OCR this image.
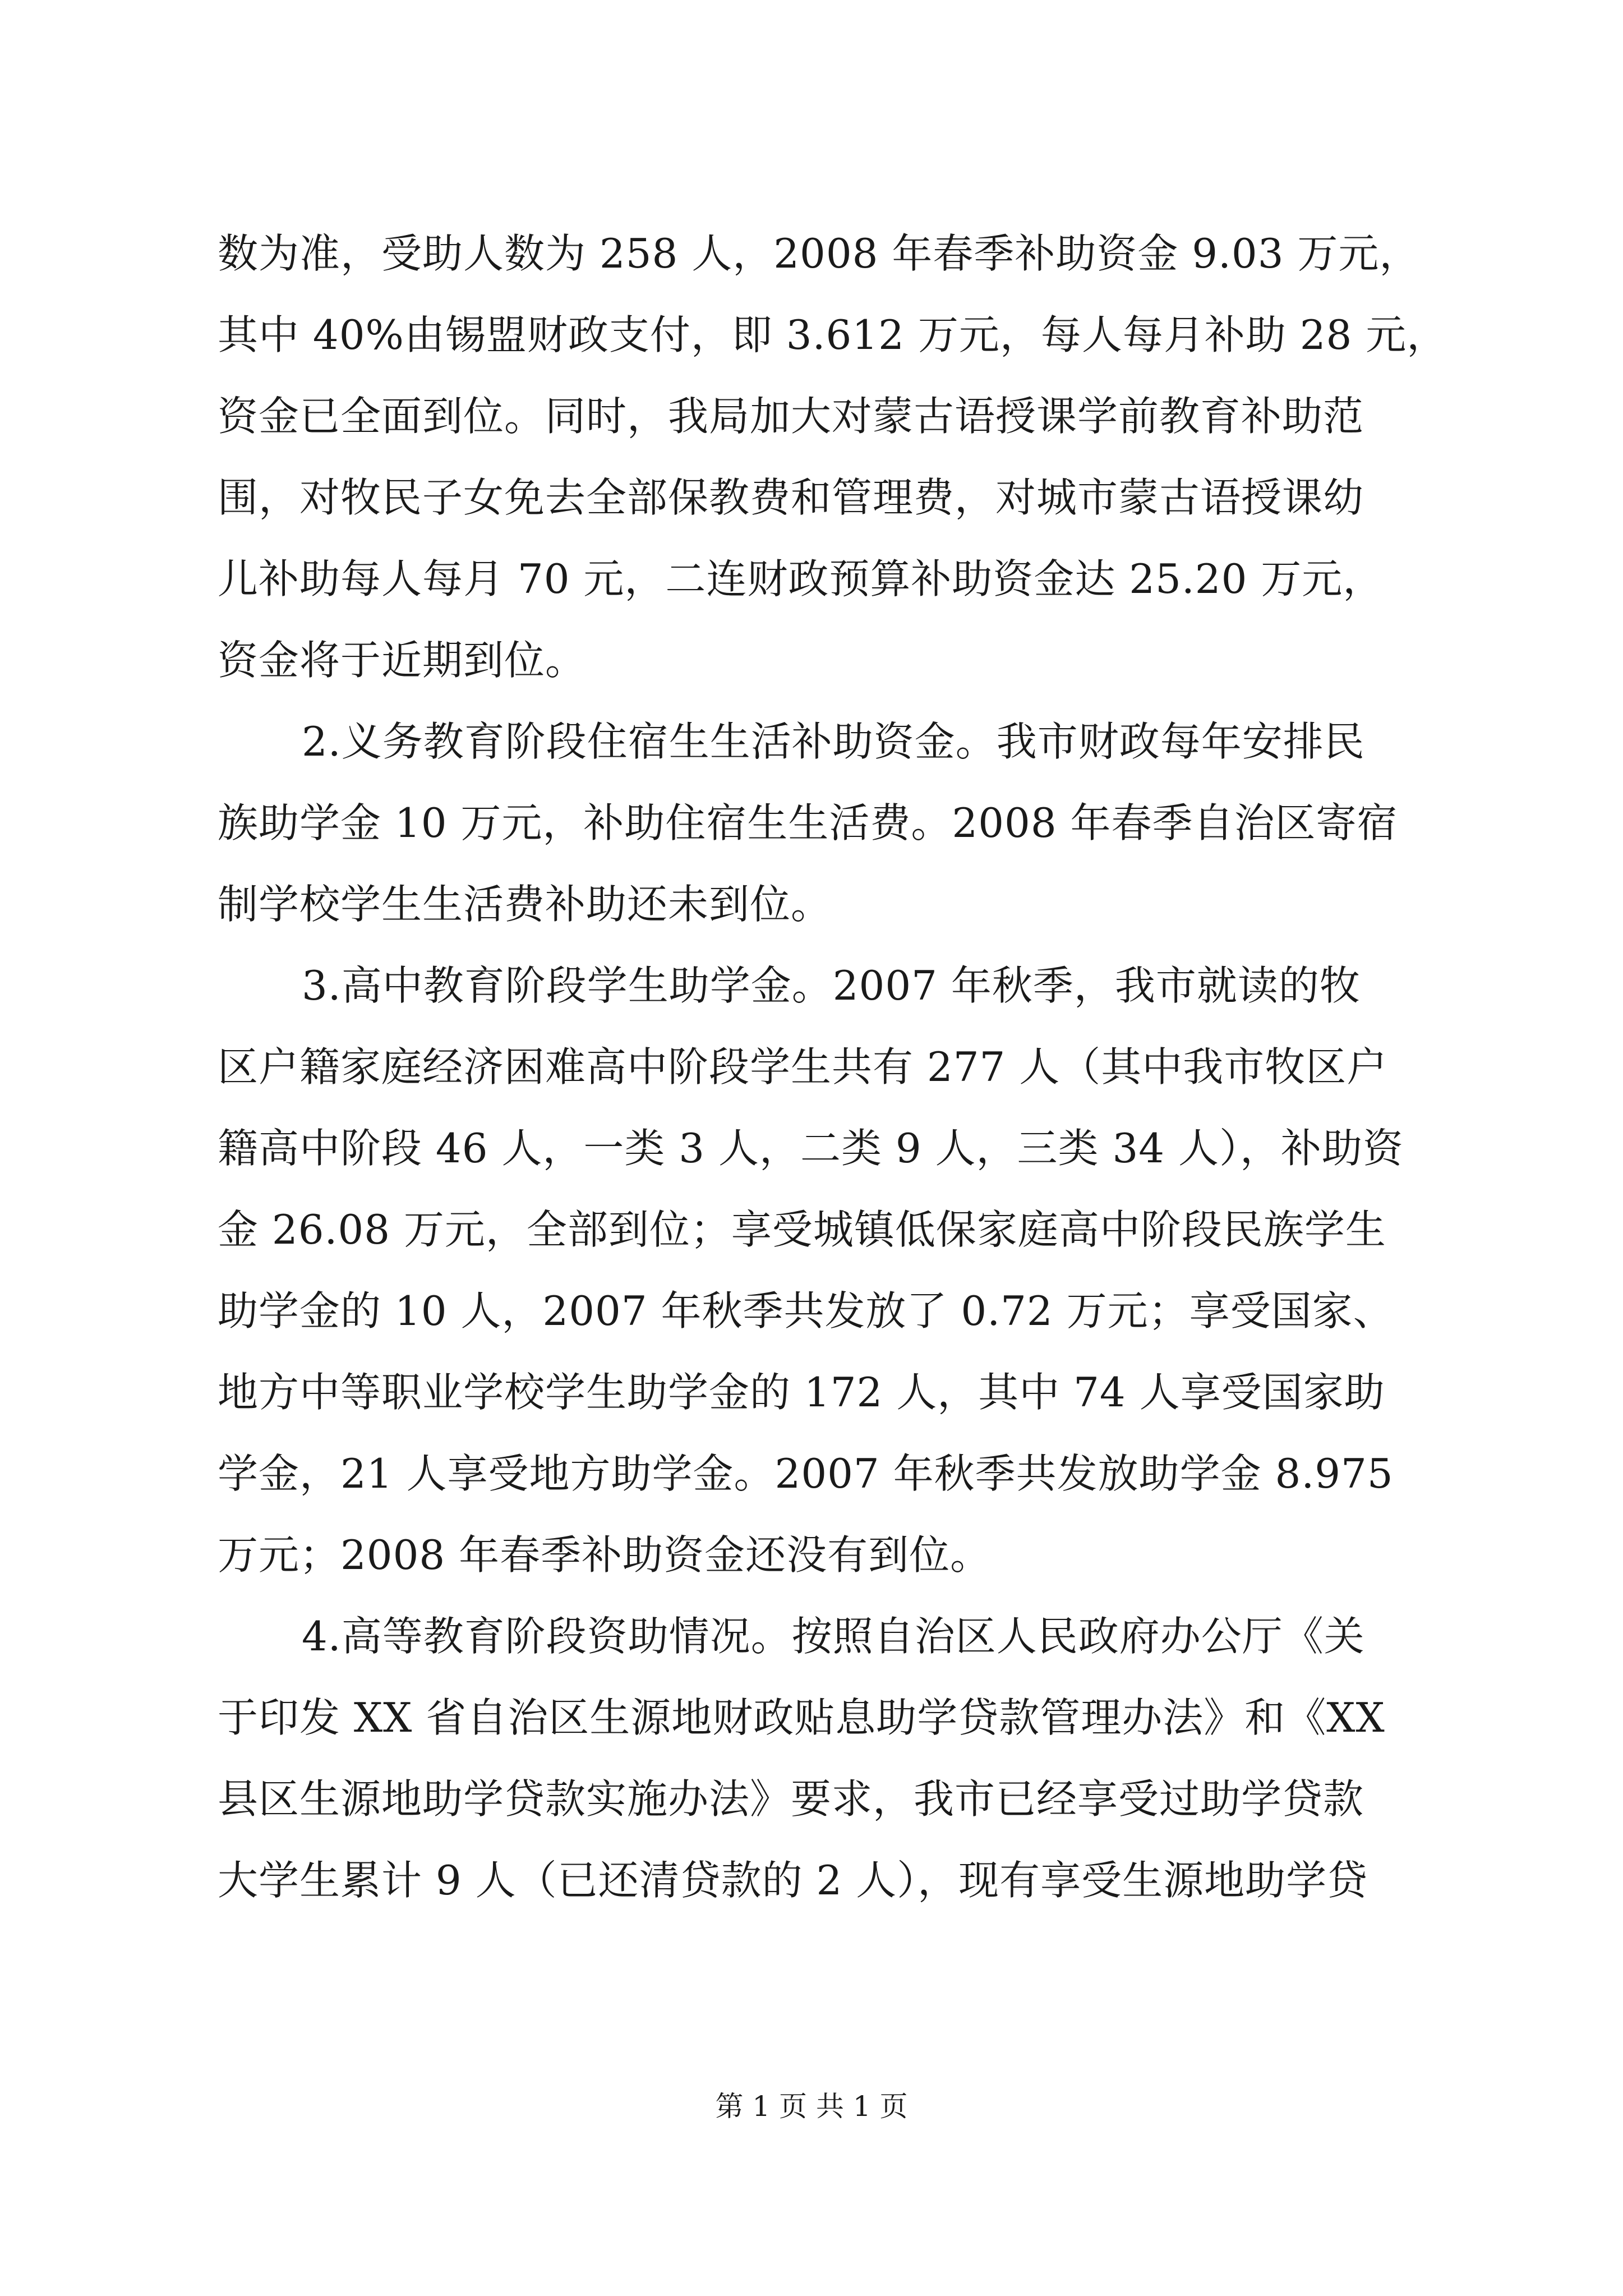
数为准，受助人数为 258 人，2008 年春季补助资金 9.03 万元，
其中 40%由锡盟财政支付，即 3.612 万元，每人每月补助 28 元，
资金已全面到位。同时，我局加大对蒙古语授课学前教育补助范
围，对牧民子女免去全部保教费和管理费，对城市蒙古语授课幼
儿补助每人每月 70 元，二连财政预算补助资金达 25.20 万元，
资金将于近期到位。
2.义务教育阶段住宿生生活补助资金。我市财政每年安排民
族助学金 10 万元，补助住宿生生活费。2008 年春季自治区寄宿
制学校学生生活费补助还未到位。
3.高中教育阶段学生助学金。2007 年秋季，我市就读的牧
区户籍家庭经济困难高中阶段学生共有 277 人（其中我市牧区户
籍高中阶段 46 人，一类 3 人，二类 9 人，三类 34 人），补助资
金 26.08 万元，全部到位；享受城镇低保家庭高中阶段民族学生
助学金的 10 人，2007 年秋季共发放了 0.72 万元；享受国家、
地方中等职业学校学生助学金的 172 人，其中 74 人享受国家助
学金，21 人享受地方助学金。2007 年秋季共发放助学金 8.975
万元；2008 年春季补助资金还没有到位。
4.高等教育阶段资助情况。按照自治区人民政府办公厅《关
于印发 XX 省自治区生源地财政贴息助学贷款管理办法》和《XX
县区生源地助学贷款实施办法》要求，我市已经享受过助学贷款
大学生累计 9 人（已还清贷款的 2 人），现有享受生源地助学贷
第 1 页 共 1 页
